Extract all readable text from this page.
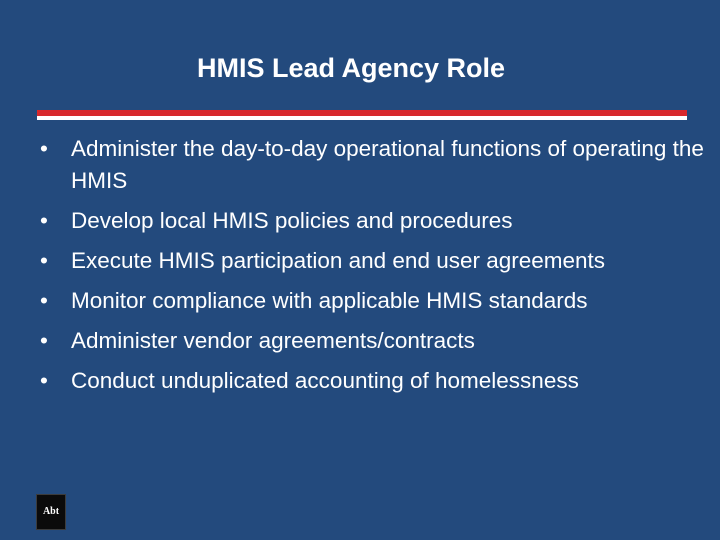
HMIS Lead Agency Role
• Administer the day-to-day operational functions of operating the HMIS
• Develop local HMIS policies and procedures
• Execute HMIS participation and end user agreements
• Monitor compliance with applicable HMIS standards
• Administer vendor agreements/contracts
• Conduct unduplicated accounting of homelessness
Abt
